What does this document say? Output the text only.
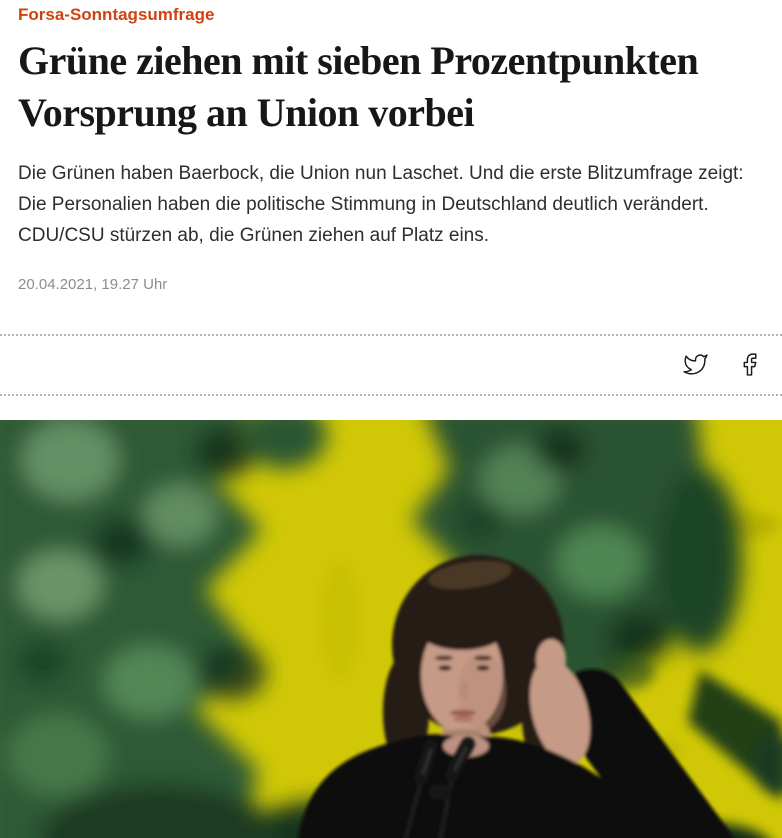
Forsa-Sonntagsumfrage

Grüne ziehen mit sieben Prozentpunkten Vorsprung an Union vorbei

Die Grünen haben Baerbock, die Union nun Laschet. Und die erste Blitzumfrage zeigt: Die Personalien haben die politische Stimmung in Deutschland deutlich verändert. CDU/CSU stürzen ab, die Grünen ziehen auf Platz eins.

20.04.2021, 19.27 Uhr
